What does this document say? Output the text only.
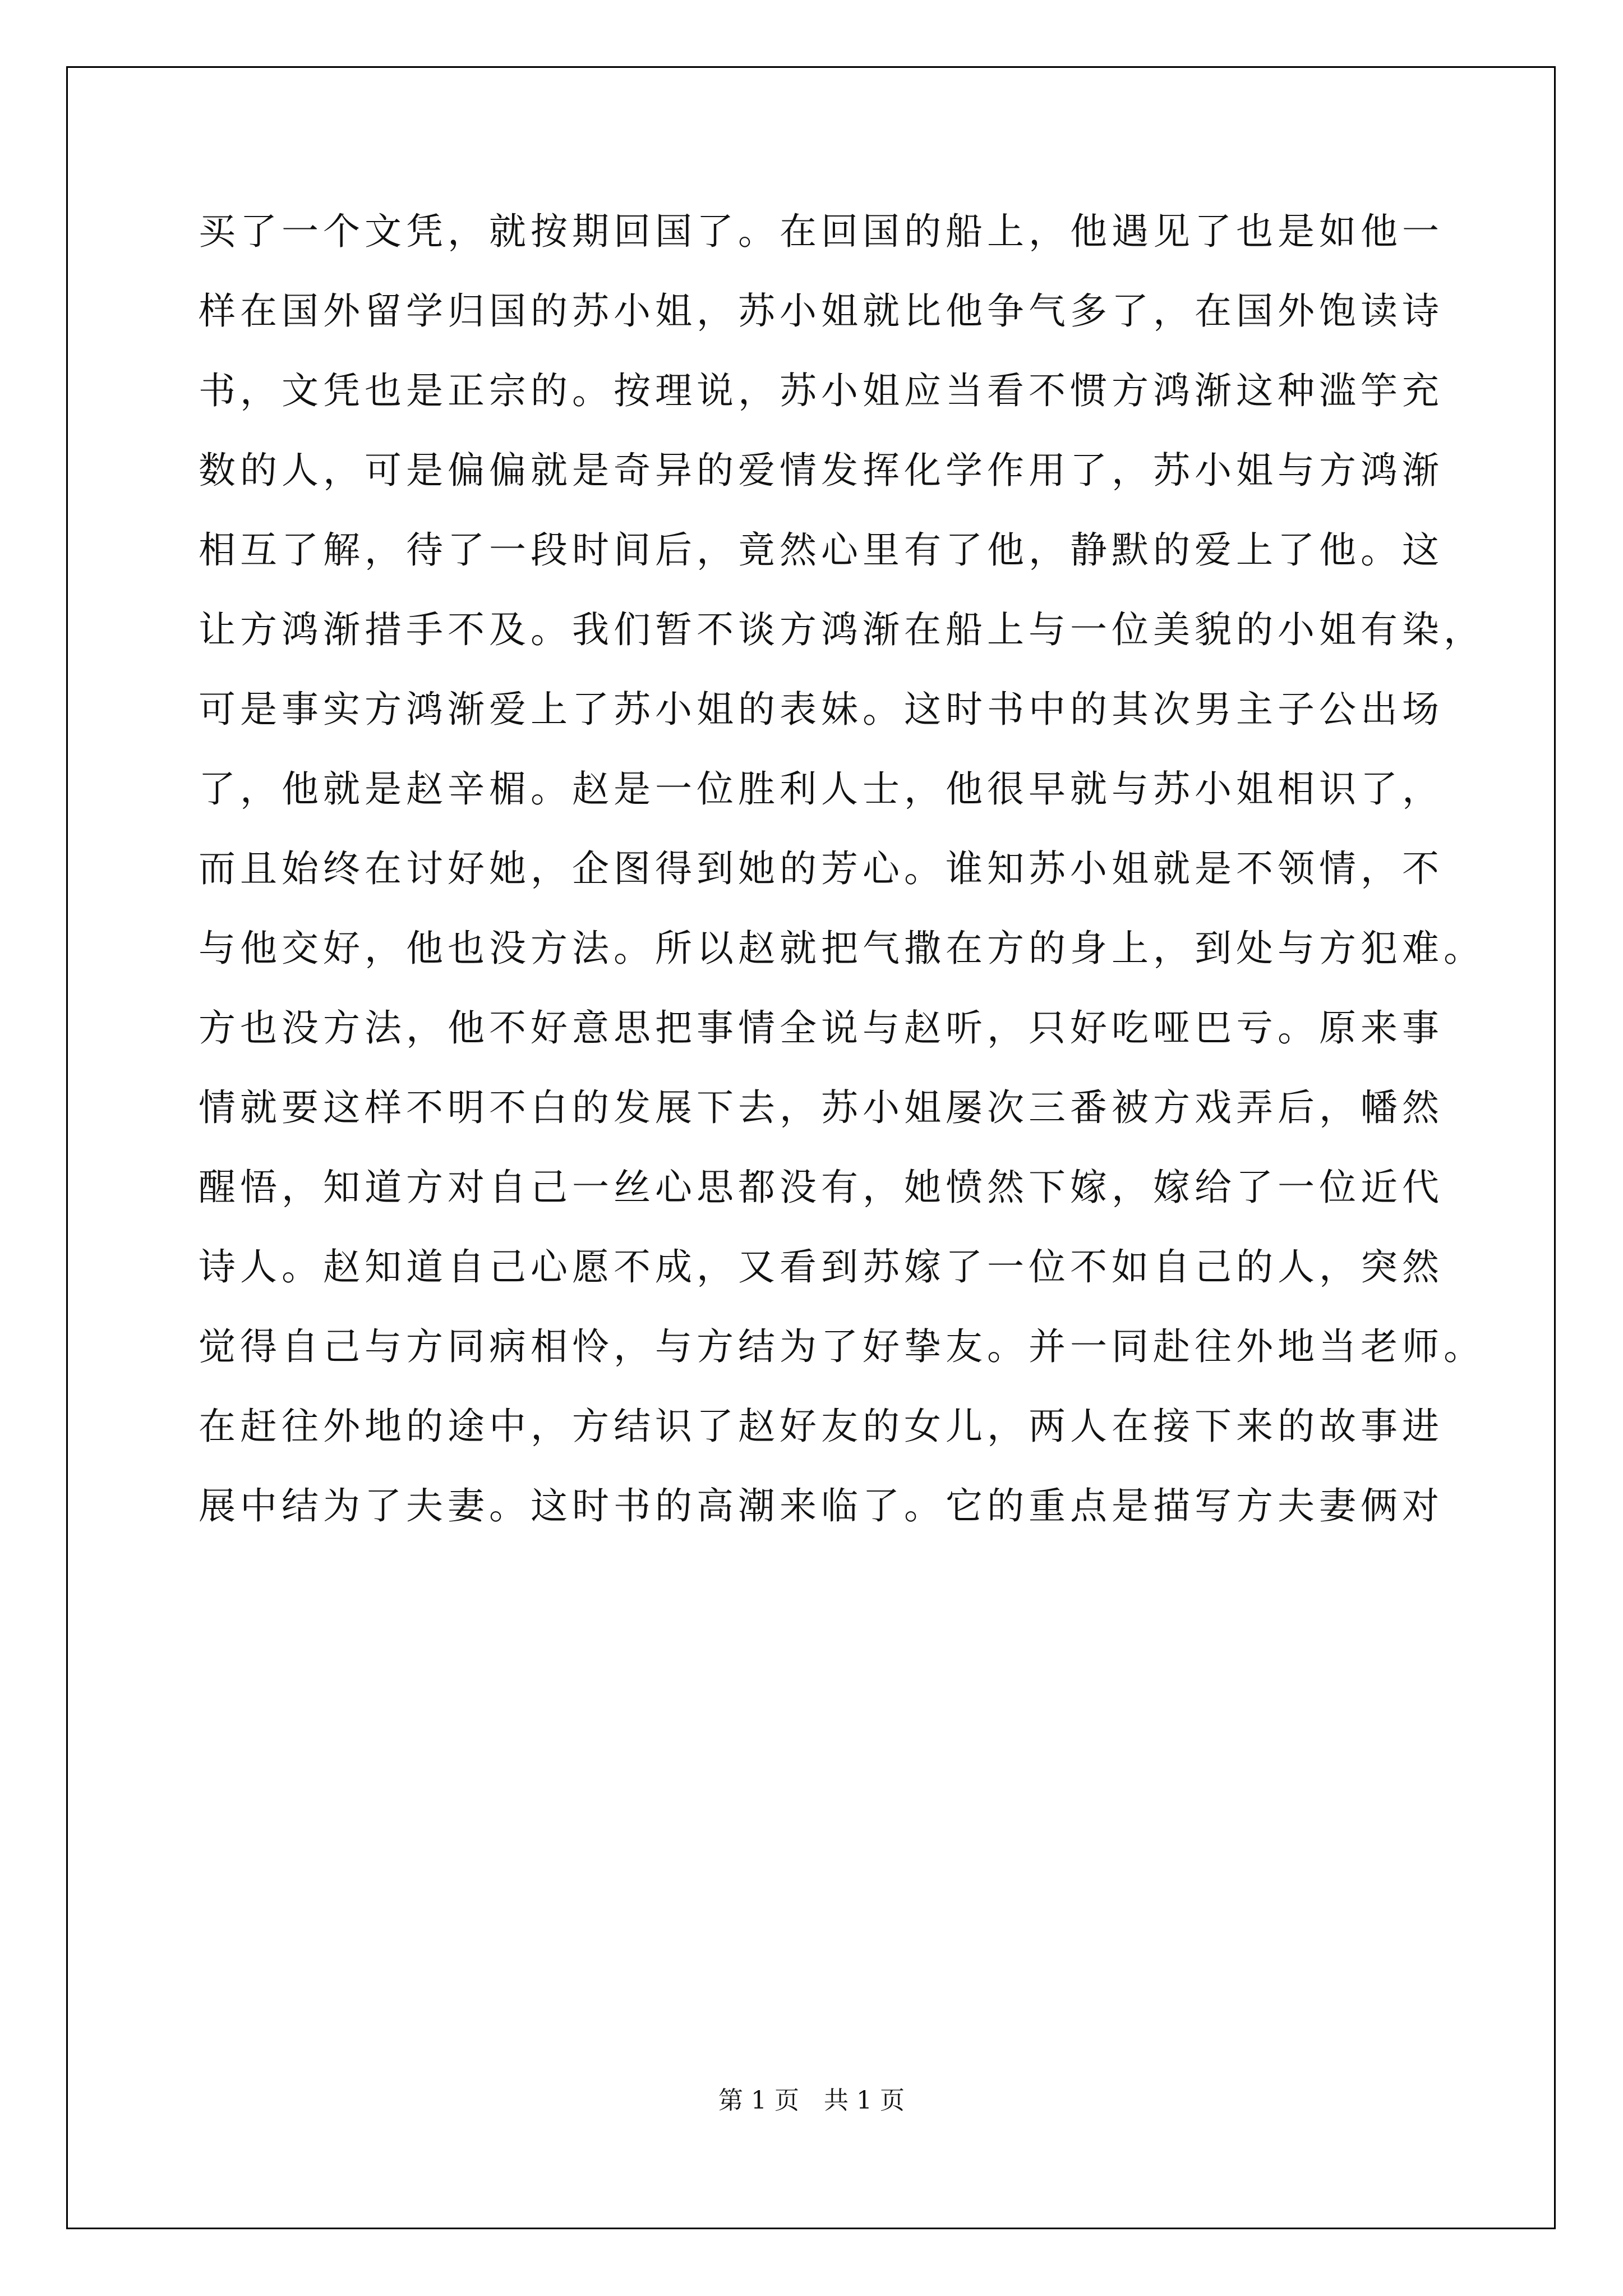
买了一个文凭，就按期回国了。在回国的船上，他遇见了也是如他一
样在国外留学归国的苏小姐，苏小姐就比他争气多了，在国外饱读诗
书，文凭也是正宗的。按理说，苏小姐应当看不惯方鸿渐这种滥竽充
数的人，可是偏偏就是奇异的爱情发挥化学作用了，苏小姐与方鸿渐
相互了解，待了一段时间后，竟然心里有了他，静默的爱上了他。这
让方鸿渐措手不及。我们暂不谈方鸿渐在船上与一位美貌的小姐有染，
可是事实方鸿渐爱上了苏小姐的表妹。这时书中的其次男主子公出场
了，他就是赵辛楣。赵是一位胜利人士，他很早就与苏小姐相识了，
而且始终在讨好她，企图得到她的芳心。谁知苏小姐就是不领情，不
与他交好，他也没方法。所以赵就把气撒在方的身上，到处与方犯难。
方也没方法，他不好意思把事情全说与赵听，只好吃哑巴亏。原来事
情就要这样不明不白的发展下去，苏小姐屡次三番被方戏弄后，幡然
醒悟，知道方对自己一丝心思都没有，她愤然下嫁，嫁给了一位近代
诗人。赵知道自己心愿不成，又看到苏嫁了一位不如自己的人，突然
觉得自己与方同病相怜，与方结为了好挚友。并一同赴往外地当老师。
在赶往外地的途中，方结识了赵好友的女儿，两人在接下来的故事进
展中结为了夫妻。这时书的高潮来临了。它的重点是描写方夫妻俩对
第 1 页　共 1 页
